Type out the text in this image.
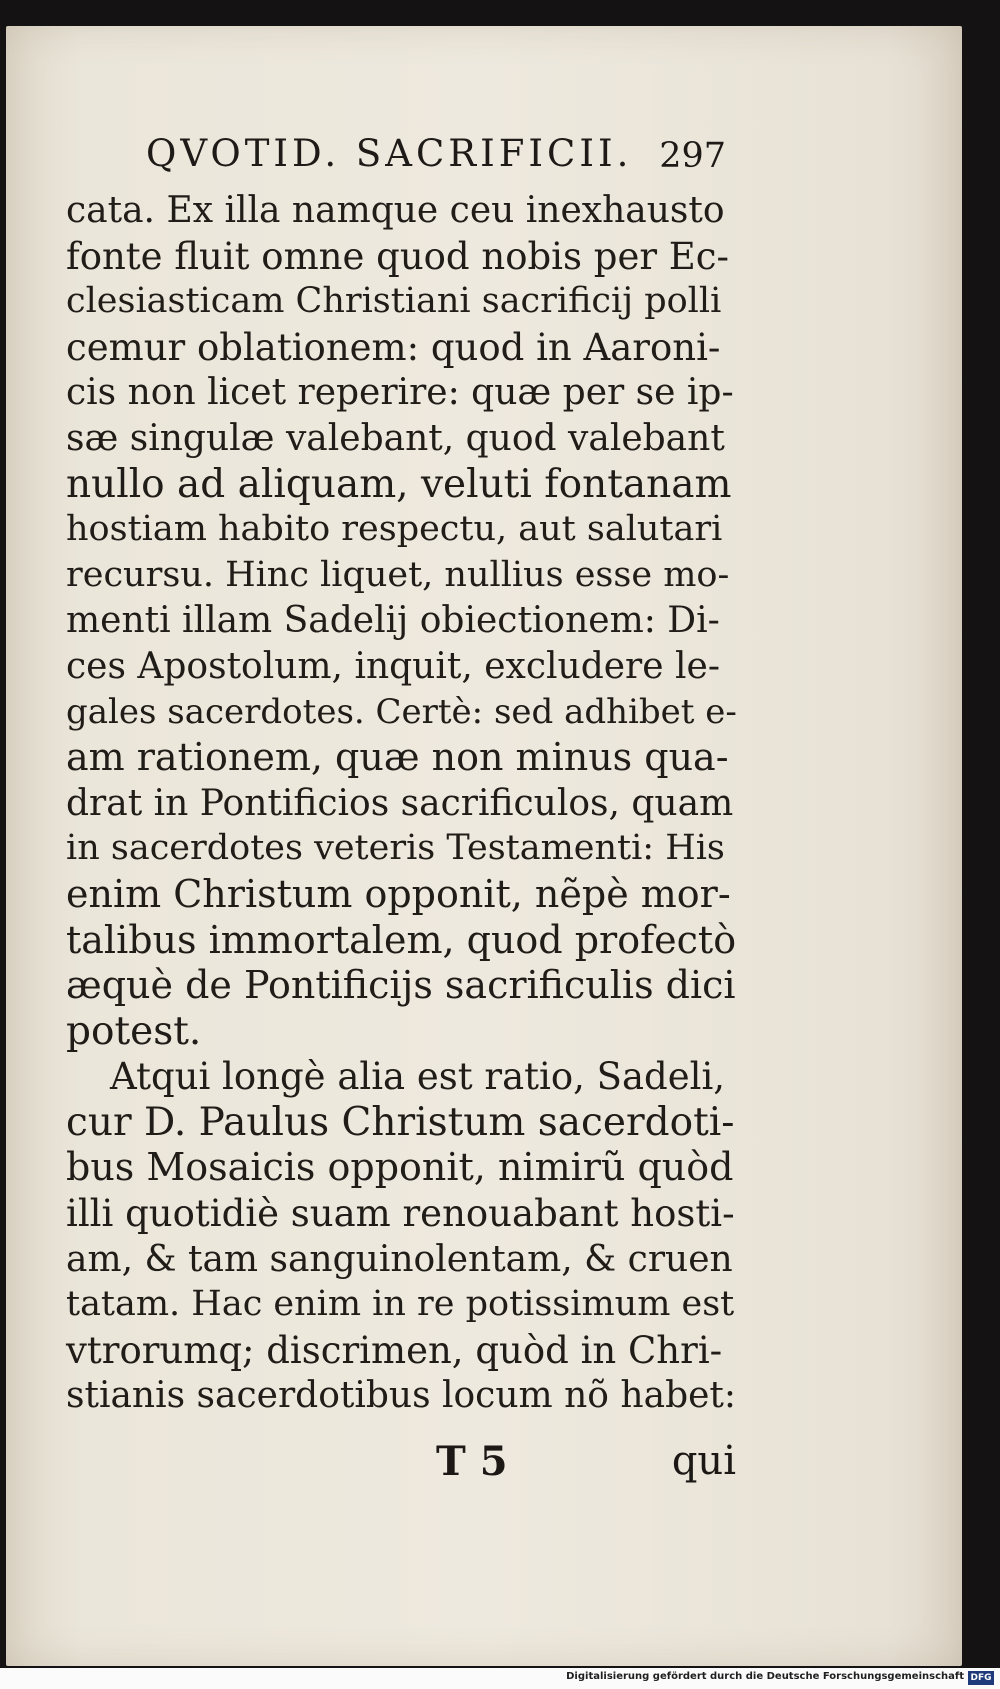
QVOTID. SACRIFICII. 297
cata. Ex illa namque ceu inexhausto
fonte fluit omne quod nobis per Ec-
clesiasticam Christiani sacrificij polli
cemur oblationem: quod in Aaroni-
cis non licet reperire: quæ per se ip-
sæ singulæ valebant, quod valebant
nullo ad aliquam, veluti fontanam
hostiam habito respectu, aut salutari
recursu. Hinc liquet, nullius esse mo-
menti illam Sadelij obiectionem: Di-
ces Apostolum, inquit, excludere le-
gales sacerdotes. Certè: sed adhibet e-
am rationem, quæ non minus qua-
drat in Pontificios sacrificulos, quam
in sacerdotes veteris Testamenti: His
enim Christum opponit, nẽpè mor-
talibus immortalem, quod profectò
æquè de Pontificijs sacrificulis dici
potest.
Atqui longè alia est ratio, Sadeli,
cur D. Paulus Christum sacerdoti-
bus Mosaicis opponit, nimirũ quòd
illi quotidiè suam renouabant hosti-
am, & tam sanguinolentam, & cruen
tatam. Hac enim in re potissimum est
vtrorumq; discrimen, quòd in Chri-
stianis sacerdotibus locum nõ habet:
T 5	qui
Digitalisierung gefördert durch die Deutsche Forschungsgemeinschaft DFG
